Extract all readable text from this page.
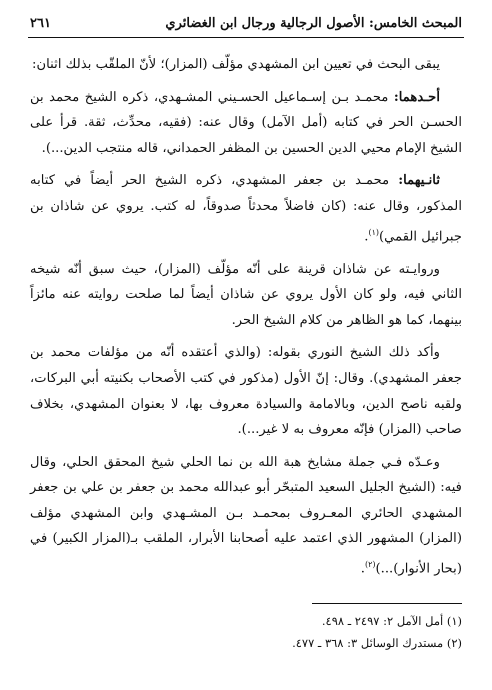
المبحث الخامس: الأصول الرجالية ورجال ابن الغضائري
٢٦١

يبقى البحث في تعيين ابن المشهدي مؤلّف (المزار)؛ لأنّ الملقّب بذلك اثنان:

أحـدهما: محمـد بـن إسـماعيل الحسـيني المشـهدي، ذكره الشيخ محمد بن الحسـن الحر في كتابه (أمل الآمل) وقال عنه: (فقيه، محدِّث، ثقة. قرأ على الشيخ الإمام محيي الدين الحسين بن المظفر الحمداني، قاله منتجب الدين...).

ثانـيهما: محمـد بن جعفر المشهدي، ذكره الشيخ الحر أيضاً في كتابه المذكور، وقال عنه: (كان فاضلاً محدثاً صدوقاً، له كتب. يروي عن شاذان بن جبرائيل القمي)$^{(١)}$.

وروايـته عن شاذان قرينة على أنّه مؤلّف (المزار)، حيث سبق أنّه شيخه الثاني فيه، ولو كان الأول يروي عن شاذان أيضاً لما صلحت روايته عنه مائزاً بينهما، كما هو الظاهر من كلام الشيخ الحر.

وأكد ذلك الشيخ النوري بقوله: (والذي أعتقده أنّه من مؤلفات محمد بن جعفر المشهدي). وقال: إنّ الأول (مذكور في كتب الأصحاب بكنيته أبي البركات، ولقبه ناصح الدين، وبالامامة والسيادة معروف بها، لا بعنوان المشهدي، بخلاف صاحب (المزار) فإنّه معروف به لا غير...).

وعـدّه فـي جملة مشايخ هبة الله بن نما الحلي شيخ المحقق الحلي، وقال فيه: (الشيخ الجليل السعيد المتبحّر أبو عبدالله محمد بن جعفر بن علي بن جعفر المشهدي الحائري المعـروف بمحمـد بـن المشـهدي وابن المشهدي مؤلف (المزار) المشهور الذي اعتمد عليه أصحابنا الأبرار، الملقب بـ(المزار الكبير) في (بحار الأنوار)...)$^{(٢)}$.

(١) أمل الآمل ٢: ٢٤٩٧ ـ ٤٩٨.
(٢) مستدرك الوسائل ٣: ٣٦٨ ـ ٤٧٧.
